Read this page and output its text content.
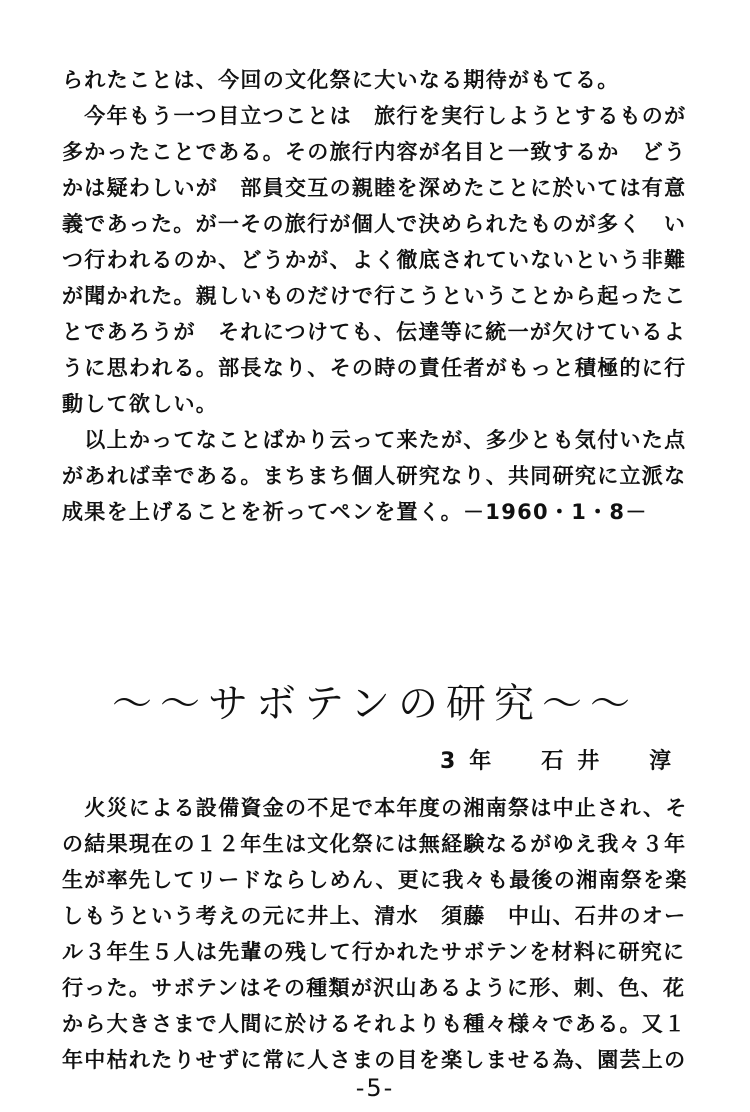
られたことは、今回の文化祭に大いなる期待がもてる。

　今年もう一つ目立つことは　旅行を実行しようとするものが多かったことである。その旅行内容が名目と一致するか　どうかは疑わしいが　部員交互の親睦を深めたことに於いては有意義であった。が一その旅行が個人で決められたものが多く　いつ行われるのか、どうかが、よく徹底されていないという非難が聞かれた。親しいものだけで行こうということから起ったことであろうが　それにつけても、伝達等に統一が欠けているように思われる。部長なり、その時の責任者がもっと積極的に行動して欲しい。

　以上かってなことばかり云って来たが、多少とも気付いた点があれば幸である。まちまち個人研究なり、共同研究に立派な成果を上げることを祈ってペンを置く。－1960・1・8－

〜〜サボテンの研究〜〜

3年　石井　淳

　火災による設備資金の不足で本年度の湘南祭は中止され、その結果現在の１２年生は文化祭には無経験なるがゆえ我々３年生が率先してリードならしめん、更に我々も最後の湘南祭を楽しもうという考えの元に井上、清水　須藤　中山、石井のオール３年生５人は先輩の残して行かれたサボテンを材料に研究に行った。サボテンはその種類が沢山あるように形、刺、色、花から大きさまで人間に於けるそれよりも種々様々である。又１年中枯れたりせずに常に人さまの目を楽しませる為、園芸上の

-5-
